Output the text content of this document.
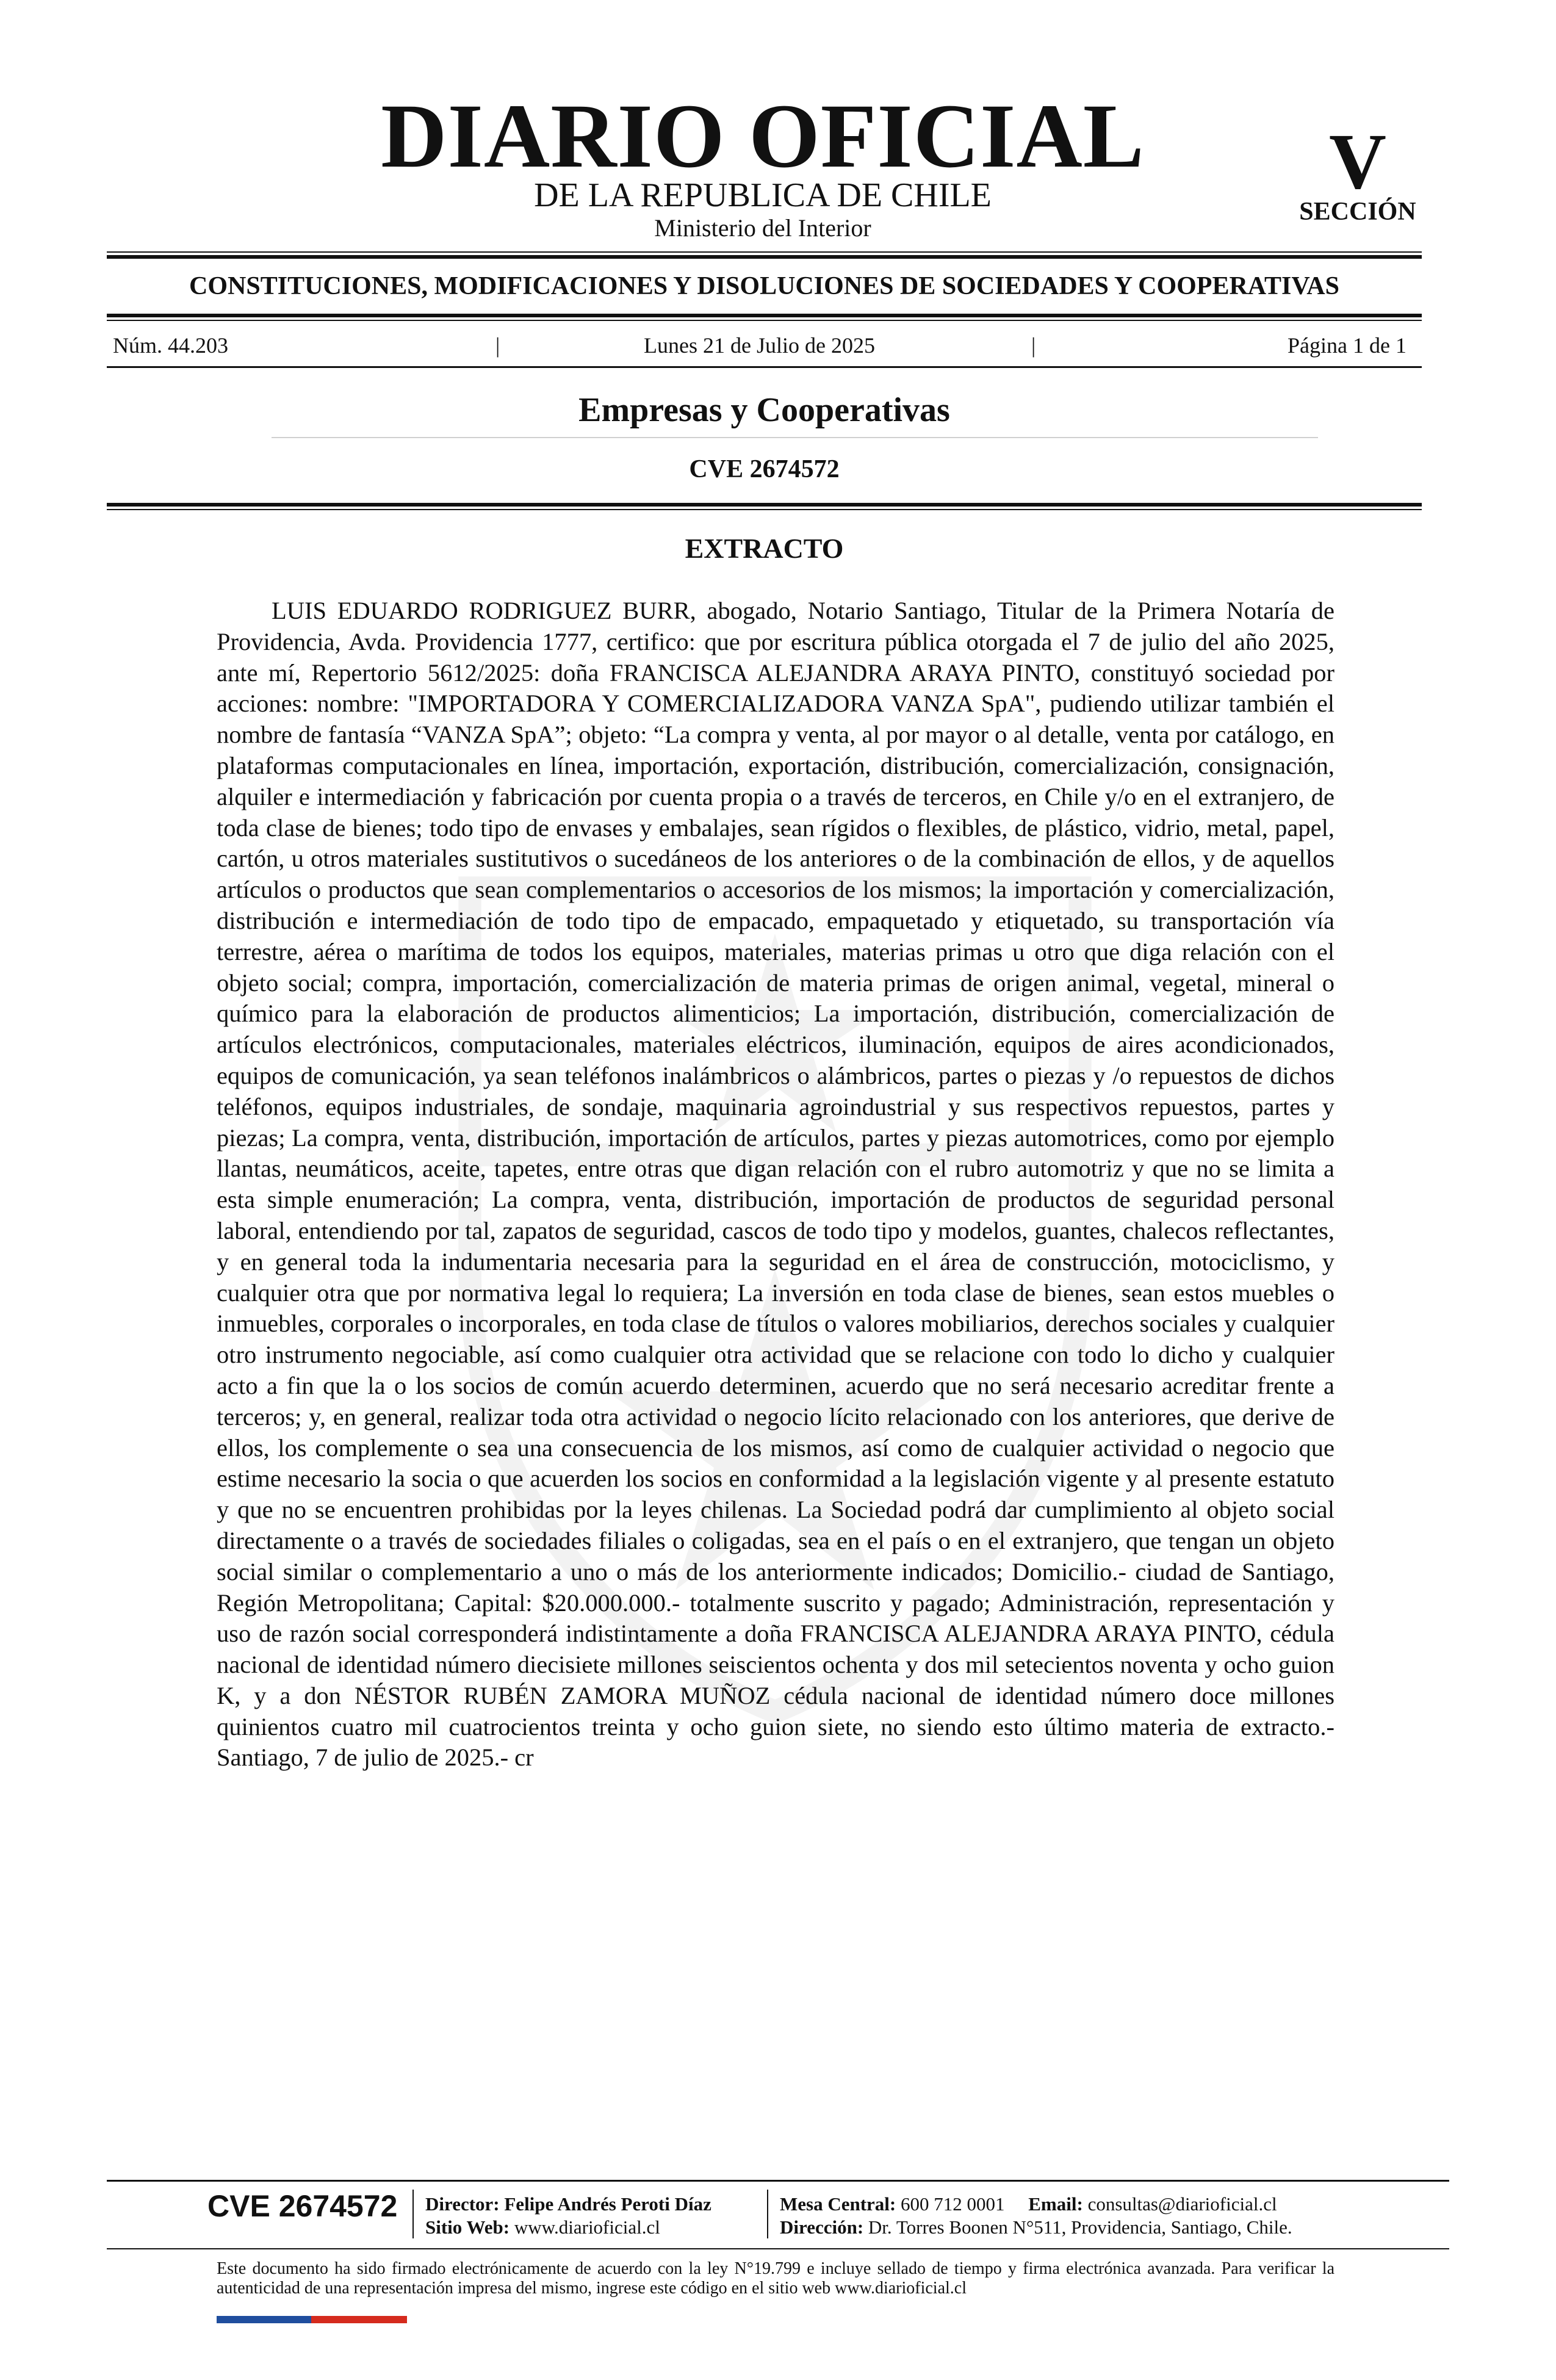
DIARIO OFICIAL
DE LA REPUBLICA DE CHILE
Ministerio del Interior
V
SECCIÓN
CONSTITUCIONES, MODIFICACIONES Y DISOLUCIONES DE SOCIEDADES Y COOPERATIVAS
Núm. 44.203	|	Lunes 21 de Julio de 2025	|	Página 1 de 1
Empresas y Cooperativas
CVE 2674572
EXTRACTO
LUIS EDUARDO RODRIGUEZ BURR, abogado, Notario Santiago, Titular de la Primera Notaría de Providencia, Avda. Providencia 1777, certifico: que por escritura pública otorgada el 7 de julio del año 2025, ante mí, Repertorio 5612/2025: doña FRANCISCA ALEJANDRA ARAYA PINTO, constituyó sociedad por acciones: nombre: "IMPORTADORA Y COMERCIALIZADORA VANZA SpA", pudiendo utilizar también el nombre de fantasía “VANZA SpA”; objeto: “La compra y venta, al por mayor o al detalle, venta por catálogo, en plataformas computacionales en línea, importación, exportación, distribución, comercialización, consignación, alquiler e intermediación y fabricación por cuenta propia o a través de terceros, en Chile y/o en el extranjero, de toda clase de bienes; todo tipo de envases y embalajes, sean rígidos o flexibles, de plástico, vidrio, metal, papel, cartón, u otros materiales sustitutivos o sucedáneos de los anteriores o de la combinación de ellos, y de aquellos artículos o productos que sean complementarios o accesorios de los mismos; la importación y comercialización, distribución e intermediación de todo tipo de empacado, empaquetado y etiquetado, su transportación vía terrestre, aérea o marítima de todos los equipos, materiales, materias primas u otro que diga relación con el objeto social; compra, importación, comercialización de materia primas de origen animal, vegetal, mineral o químico para la elaboración de productos alimenticios; La importación, distribución, comercialización de artículos electrónicos, computacionales, materiales eléctricos, iluminación, equipos de aires acondicionados, equipos de comunicación, ya sean teléfonos inalámbricos o alámbricos, partes o piezas y /o repuestos de dichos teléfonos, equipos industriales, de sondaje, maquinaria agroindustrial y sus respectivos repuestos, partes y piezas; La compra, venta, distribución, importación de artículos, partes y piezas automotrices, como por ejemplo llantas, neumáticos, aceite, tapetes, entre otras que digan relación con el rubro automotriz y que no se limita a esta simple enumeración; La compra, venta, distribución, importación de productos de seguridad personal laboral, entendiendo por tal, zapatos de seguridad, cascos de todo tipo y modelos, guantes, chalecos reflectantes, y en general toda la indumentaria necesaria para la seguridad en el área de construcción, motociclismo, y cualquier otra que por normativa legal lo requiera; La inversión en toda clase de bienes, sean estos muebles o inmuebles, corporales o incorporales, en toda clase de títulos o valores mobiliarios, derechos sociales y cualquier otro instrumento negociable, así como cualquier otra actividad que se relacione con todo lo dicho y cualquier acto a fin que la o los socios de común acuerdo determinen, acuerdo que no será necesario acreditar frente a terceros; y, en general, realizar toda otra actividad o negocio lícito relacionado con los anteriores, que derive de ellos, los complemente o sea una consecuencia de los mismos, así como de cualquier actividad o negocio que estime necesario la socia o que acuerden los socios en conformidad a la legislación vigente y al presente estatuto y que no se encuentren prohibidas por la leyes chilenas. La Sociedad podrá dar cumplimiento al objeto social directamente o a través de sociedades filiales o coligadas, sea en el país o en el extranjero, que tengan un objeto social similar o complementario a uno o más de los anteriormente indicados; Domicilio.- ciudad de Santiago, Región Metropolitana; Capital: $20.000.000.- totalmente suscrito y pagado; Administración, representación y uso de razón social corresponderá indistintamente a doña FRANCISCA ALEJANDRA ARAYA PINTO, cédula nacional de identidad número diecisiete millones seiscientos ochenta y dos mil setecientos noventa y ocho guion K, y a don NÉSTOR RUBÉN ZAMORA MUÑOZ cédula nacional de identidad número doce millones quinientos cuatro mil cuatrocientos treinta y ocho guion siete, no siendo esto último materia de extracto.- Santiago, 7 de julio de 2025.- cr
CVE 2674572 Director: Felipe Andrés Peroti Díaz
Sitio Web: www.diarioficial.cl
Mesa Central: 600 712 0001 Email: consultas@diarioficial.cl
Dirección: Dr. Torres Boonen N°511, Providencia, Santiago, Chile.
Este documento ha sido firmado electrónicamente de acuerdo con la ley N°19.799 e incluye sellado de tiempo y firma electrónica avanzada. Para verificar la autenticidad de una representación impresa del mismo, ingrese este código en el sitio web www.diarioficial.cl
